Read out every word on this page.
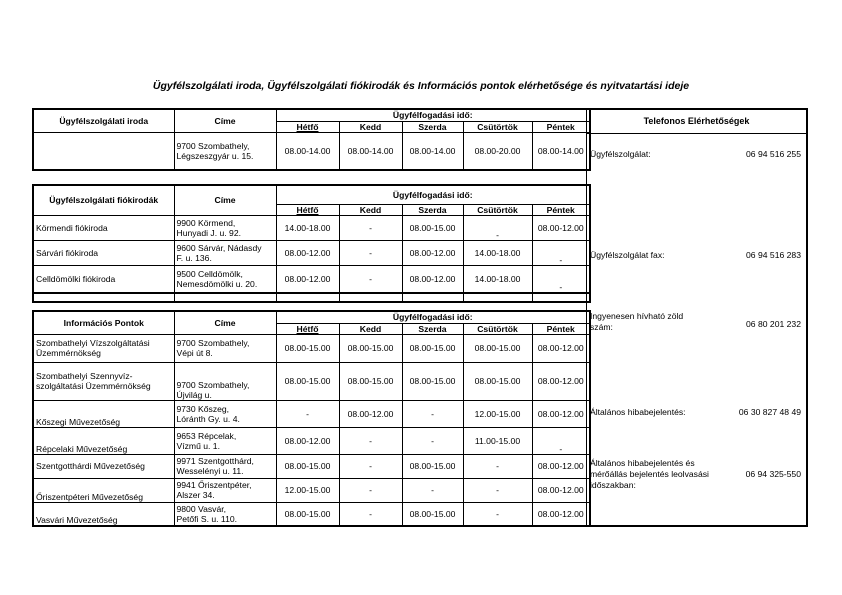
Ügyfélszolgálati iroda, Ügyfélszolgálati fiókirodák és Információs pontok elérhetősége és nyitvatartási ideje
Ügyfélszolgálati iroda	Címe	Ügyfélfogadási idő:				
		Hétfő	Kedd	Szerda	Csütörtök	Péntek
	9700 Szombathely,
Légszeszgyár u. 15.	08.00-14.00	08.00-14.00	08.00-14.00	08.00-20.00	08.00-14.00
Ügyfélszolgálati fiókirodák	Címe	Ügyfélfogadási idő:				
		Hétfő	Kedd	Szerda	Csütörtök	Péntek
Körmendi fiókiroda	9900 Körmend,
Hunyadi J. u. 92.	14.00-18.00	-	08.00-15.00	-	08.00-12.00
Sárvári fiókiroda	9600 Sárvár, Nádasdy
F. u. 136.	08.00-12.00	-	08.00-12.00	14.00-18.00	-
Celldömölki fiókiroda	9500 Celldömölk,
Nemesdömölki u. 20.	08.00-12.00	-	08.00-12.00	14.00-18.00	-

Információs Pontok	Címe	Ügyfélfogadási idő:				
		Hétfő	Kedd	Szerda	Csütörtök	Péntek
Szombathelyi Vízszolgáltatási
Üzemmérnökség	9700 Szombathely,
Vépi út 8.	08.00-15.00	08.00-15.00	08.00-15.00	08.00-15.00	08.00-12.00
Szombathelyi Szennyvíz-
szolgáltatási Üzemmérnökség	9700 Szombathely,
Újvilág u.	08.00-15.00	08.00-15.00	08.00-15.00	08.00-15.00	08.00-12.00
Kőszegi Művezetőség	9730 Kőszeg,
Lóránth Gy. u. 4.	-	08.00-12.00	-	12.00-15.00	08.00-12.00
Répcelaki Művezetőség	9653 Répcelak,
Vízmű u. 1.	08.00-12.00	-	-	11.00-15.00	-
Szentgotthárdi Művezetőség	9971 Szentgotthárd,
Wesselényi u. 11.	08.00-15.00	-	08.00-15.00	-	08.00-12.00
Őriszentpéteri Művezetőség	9941 Őriszentpéter,
Alszer 34.	12.00-15.00	-	-	-	08.00-12.00
Vasvári Művezetőség	9800 Vasvár,
Petőfi S. u. 110.	08.00-15.00	-	08.00-15.00	-	08.00-12.00
Telefonos Elérhetőségek
Ügyfélszolgálat:	06 94 516 255
Ügyfélszolgálat fax:	06 94 516 283
Ingyenesen hívható zöld szám:	06 80 201 232
Általános hibabejelentés:	06 30 827 48 49
Általános hibabejelentés és mérőállás bejelentés leolvasási időszakban:
06 94 325-550
